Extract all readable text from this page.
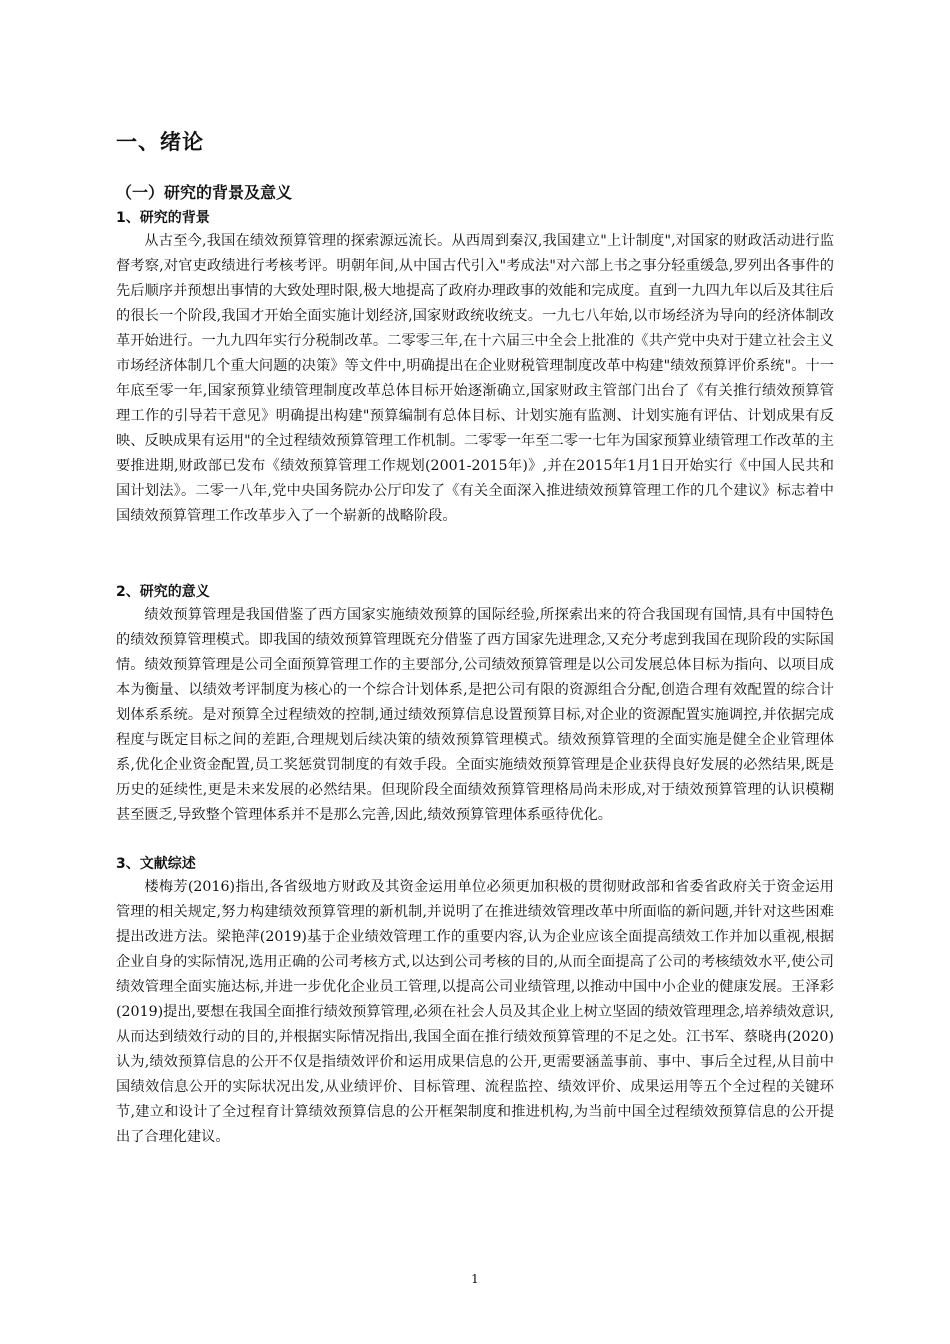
一、绪论
（一）研究的背景及意义
1、研究的背景

从古至今,我国在绩效预算管理的探索源远流长。从西周到秦汉,我国建立"上计制度",对国家的财政活动进行监督考察,对官吏政绩进行考核考评。明朝年间,从中国古代引入"考成法"对六部上书之事分轻重缓急,罗列出各事件的先后顺序并预想出事情的大致处理时限,极大地提高了政府办理政事的效能和完成度。直到一九四九年以后及其往后的很长一个阶段,我国才开始全面实施计划经济,国家财政统收统支。一九七八年始,以市场经济为导向的经济体制改革开始进行。一九九四年实行分税制改革。二零零三年,在十六届三中全会上批准的《共产党中央对于建立社会主义市场经济体制几个重大问题的决策》等文件中,明确提出在企业财税管理制度改革中构建"绩效预算评价系统"。十一年底至零一年,国家预算业绩管理制度改革总体目标开始逐渐确立,国家财政主管部门出台了《有关推行绩效预算管理工作的引导若干意见》明确提出构建"预算编制有总体目标、计划实施有监测、计划实施有评估、计划成果有反映、反映成果有运用"的全过程绩效预算管理工作机制。二零零一年至二零一七年为国家预算业绩管理工作改革的主要推进期,财政部已发布《绩效预算管理工作规划(2001-2015年)》,并在2015年1月1日开始实行《中国人民共和国计划法》。二零一八年,党中央国务院办公厅印发了《有关全面深入推进绩效预算管理工作的几个建议》标志着中国绩效预算管理工作改革步入了一个崭新的战略阶段。

2、研究的意义

绩效预算管理是我国借鉴了西方国家实施绩效预算的国际经验,所探索出来的符合我国现有国情,具有中国特色的绩效预算管理模式。即我国的绩效预算管理既充分借鉴了西方国家先进理念,又充分考虑到我国在现阶段的实际国情。绩效预算管理是公司全面预算管理工作的主要部分,公司绩效预算管理是以公司发展总体目标为指向、以项目成本为衡量、以绩效考评制度为核心的一个综合计划体系,是把公司有限的资源组合分配,创造合理有效配置的综合计划体系系统。是对预算全过程绩效的控制,通过绩效预算信息设置预算目标,对企业的资源配置实施调控,并依据完成程度与既定目标之间的差距,合理规划后续决策的绩效预算管理模式。绩效预算管理的全面实施是健全企业管理体系,优化企业资金配置,员工奖惩赏罚制度的有效手段。全面实施绩效预算管理是企业获得良好发展的必然结果,既是历史的延续性,更是未来发展的必然结果。但现阶段全面绩效预算管理格局尚未形成,对于绩效预算管理的认识模糊甚至匮乏,导致整个管理体系并不是那么完善,因此,绩效预算管理体系亟待优化。

3、文献综述

楼梅芳(2016)指出,各省级地方财政及其资金运用单位必须更加积极的贯彻财政部和省委省政府关于资金运用管理的相关规定,努力构建绩效预算管理的新机制,并说明了在推进绩效管理改革中所面临的新问题,并针对这些困难提出改进方法。梁艳萍(2019)基于企业绩效管理工作的重要内容,认为企业应该全面提高绩效工作并加以重视,根据企业自身的实际情况,选用正确的公司考核方式,以达到公司考核的目的,从而全面提高了公司的考核绩效水平,使公司绩效管理全面实施达标,并进一步优化企业员工管理,以提高公司业绩管理,以推动中国中小企业的健康发展。王泽彩(2019)提出,要想在我国全面推行绩效预算管理,必须在社会人员及其企业上树立坚固的绩效管理理念,培养绩效意识,从而达到绩效行动的目的,并根据实际情况指出,我国全面在推行绩效预算管理的不足之处。江书军、蔡晓冉(2020)认为,绩效预算信息的公开不仅是指绩效评价和运用成果信息的公开,更需要涵盖事前、事中、事后全过程,从目前中国绩效信息公开的实际状况出发,从业绩评价、目标管理、流程监控、绩效评价、成果运用等五个全过程的关键环节,建立和设计了全过程育计算绩效预算信息的公开框架制度和推进机构,为当前中国全过程绩效预算信息的公开提出了合理化建议。

1
